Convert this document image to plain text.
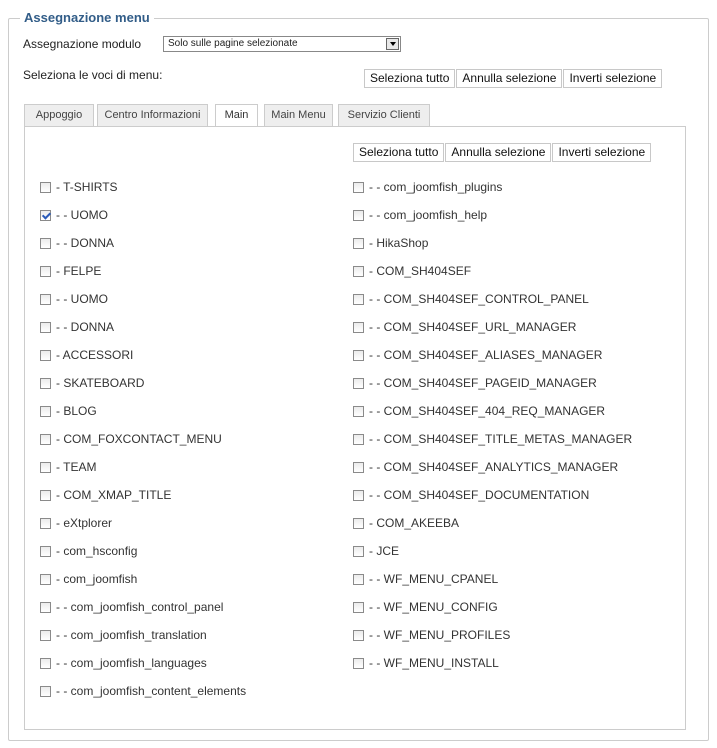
Assegnazione menu
Assegnazione modulo	Solo sulle pagine selezionate
Seleziona le voci di menu:	Seleziona tutto	Annulla selezione	Inverti selezione
Appoggio	Centro Informazioni	Main	Main Menu	Servizio Clienti
Seleziona tutto	Annulla selezione	Inverti selezione
- T-SHIRTS
- - UOMO
- - DONNA
- FELPE
- - UOMO
- - DONNA
- ACCESSORI
- SKATEBOARD
- BLOG
- COM_FOXCONTACT_MENU
- TEAM
- COM_XMAP_TITLE
- eXtplorer
- com_hsconfig
- com_joomfish
- - com_joomfish_control_panel
- - com_joomfish_translation
- - com_joomfish_languages
- - com_joomfish_content_elements
- - com_joomfish_plugins
- - com_joomfish_help
- HikaShop
- COM_SH404SEF
- - COM_SH404SEF_CONTROL_PANEL
- - COM_SH404SEF_URL_MANAGER
- - COM_SH404SEF_ALIASES_MANAGER
- - COM_SH404SEF_PAGEID_MANAGER
- - COM_SH404SEF_404_REQ_MANAGER
- - COM_SH404SEF_TITLE_METAS_MANAGER
- - COM_SH404SEF_ANALYTICS_MANAGER
- - COM_SH404SEF_DOCUMENTATION
- COM_AKEEBA
- JCE
- - WF_MENU_CPANEL
- - WF_MENU_CONFIG
- - WF_MENU_PROFILES
- - WF_MENU_INSTALL
